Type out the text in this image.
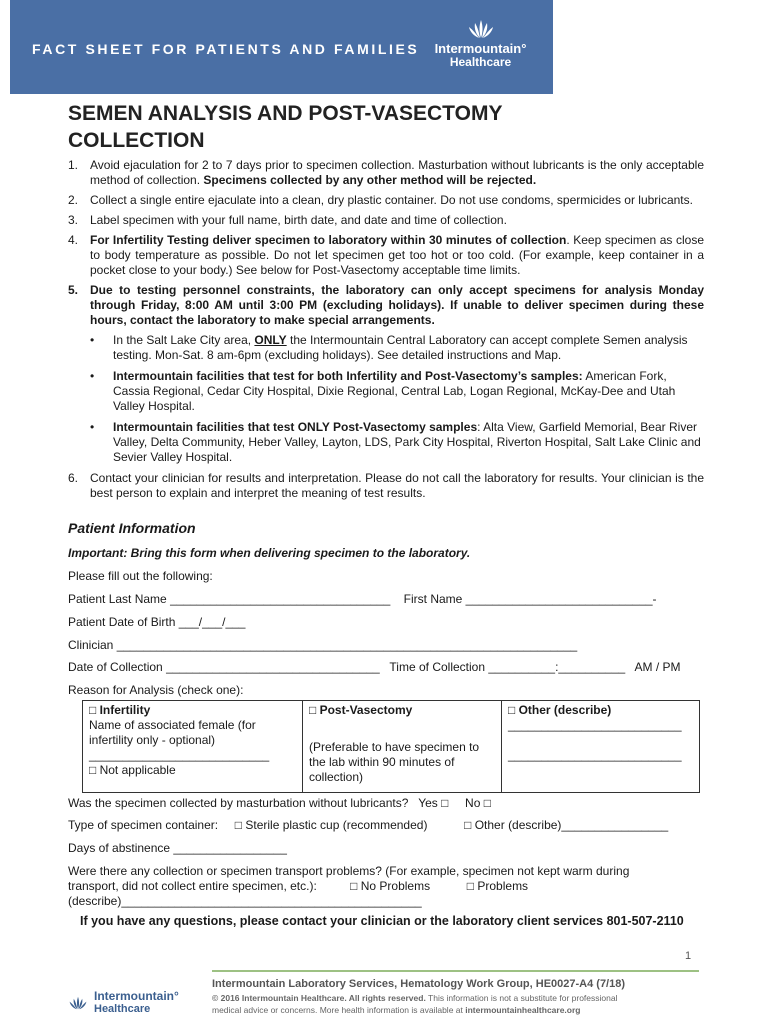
FACT SHEET FOR PATIENTS AND FAMILIES	Intermountain°
Healthcare
SEMEN ANALYSIS AND POST-VASECTOMY
COLLECTION
1. Avoid ejaculation for 2 to 7 days prior to specimen collection. Masturbation without lubricants is the only acceptable method of collection. Specimens collected by any other method will be rejected.
2. Collect a single entire ejaculate into a clean, dry plastic container. Do not use condoms, spermicides or lubricants.
3. Label specimen with your full name, birth date, and date and time of collection.
4. For Infertility Testing deliver specimen to laboratory within 30 minutes of collection. Keep specimen as close to body temperature as possible. Do not let specimen get too hot or too cold. (For example, keep container in a pocket close to your body.) See below for Post-Vasectomy acceptable time limits.
5. Due to testing personnel constraints, the laboratory can only accept specimens for analysis Monday through Friday, 8:00 AM until 3:00 PM (excluding holidays). If unable to deliver specimen during these hours, contact the laboratory to make special arrangements.
• In the Salt Lake City area, ONLY the Intermountain Central Laboratory can accept complete Semen analysis testing. Mon-Sat. 8 am-6pm (excluding holidays). See detailed instructions and Map.
• Intermountain facilities that test for both Infertility and Post-Vasectomy’s samples: American Fork, Cassia Regional, Cedar City Hospital, Dixie Regional, Central Lab, Logan Regional, McKay-Dee and Utah Valley Hospital.
• Intermountain facilities that test ONLY Post-Vasectomy samples: Alta View, Garfield Memorial, Bear River Valley, Delta Community, Heber Valley, Layton, LDS, Park City Hospital, Riverton Hospital, Salt Lake Clinic and Sevier Valley Hospital.
6. Contact your clinician for results and interpretation. Please do not call the laboratory for results. Your clinician is the best person to explain and interpret the meaning of test results.
Patient Information
Important: Bring this form when delivering specimen to the laboratory.
Please fill out the following:
Patient Last Name _________________________________ First Name ____________________________-
Patient Date of Birth ___/___/___
Clinician _____________________________________________________________________
Date of Collection ________________________________ Time of Collection __________:__________ AM / PM
Reason for Analysis (check one):
□ Infertility
Name of associated female (for infertility only - optional)
___________________________
□ Not applicable
□ Post-Vasectomy
(Preferable to have specimen to the lab within 90 minutes of collection)
□ Other (describe)
__________________________
__________________________
Was the specimen collected by masturbation without lubricants? Yes □ No □
Type of specimen container: □ Sterile plastic cup (recommended)	□ Other (describe)________________
Days of abstinence _________________
Were there any collection or specimen transport problems? (For example, specimen not kept warm during
transport, did not collect entire specimen, etc.):	□ No Problems	□ Problems
(describe)_____________________________________________
If you have any questions, please contact your clinician or the laboratory client services 801-507-2110
1
Intermountain Laboratory Services, Hematology Work Group, HE0027-A4 (7/18)
© 2016 Intermountain Healthcare. All rights reserved. This information is not a substitute for professional medical advice or concerns. More health information is available at intermountainhealthcare.org
Intermountain°
Healthcare
